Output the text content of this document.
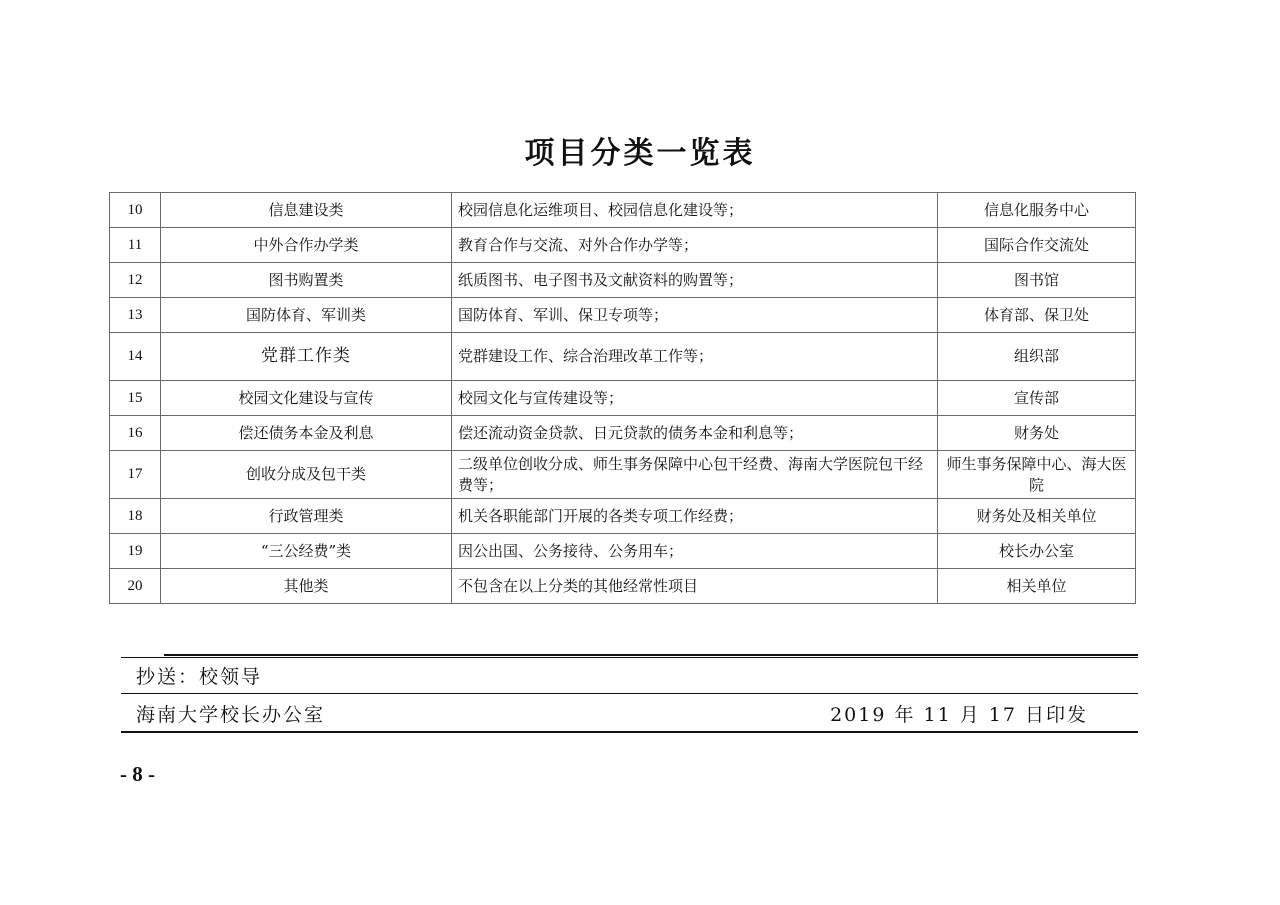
项目分类一览表
10	信息建设类	校园信息化运维项目、校园信息化建设等；	信息化服务中心
11	中外合作办学类	教育合作与交流、对外合作办学等；	国际合作交流处
12	图书购置类	纸质图书、电子图书及文献资料的购置等；	图书馆
13	国防体育、军训类	国防体育、军训、保卫专项等；	体育部、保卫处
14	党群工作类	党群建设工作、综合治理改革工作等；	组织部
15	校园文化建设与宣传	校园文化与宣传建设等；	宣传部
16	偿还债务本金及利息	偿还流动资金贷款、日元贷款的债务本金和利息等；	财务处
17	创收分成及包干类	二级单位创收分成、师生事务保障中心包干经费、海南大学医院包干经费等；	师生事务保障中心、海大医院
18	行政管理类	机关各职能部门开展的各类专项工作经费；	财务处及相关单位
19	“三公经费”类	因公出国、公务接待、公务用车；	校长办公室
20	其他类	不包含在以上分类的其他经常性项目	相关单位
抄送：校领导
海南大学校长办公室	2019 年 11 月 17 日印发
- 8 -
